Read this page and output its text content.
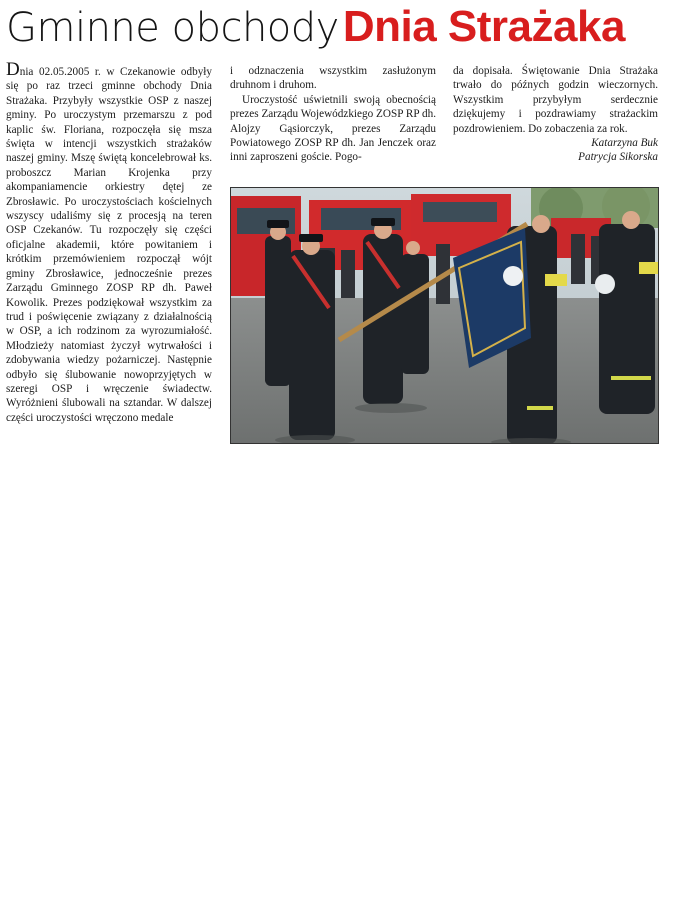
Gminne obchodyDnia Strażaka

Dnia 02.05.2005 r. w Czekanowie odbyły się po raz trzeci gminne obchody Dnia Strażaka. Przybyły wszystkie OSP z naszej gminy. Po uroczystym przemarszu z pod kaplic św. Floriana, rozpoczęła się msza święta w intencji wszystkich strażaków naszej gminy. Mszę świętą koncelebrował ks. proboszcz Marian Krojenka przy akompaniamencie orkiestry dętej ze Zbrosławic. Po uroczystościach kościelnych wszyscy udaliśmy się z procesją na teren OSP Czekanów. Tu rozpoczęły się części oficjalne akademii, które powitaniem i krótkim przemówieniem rozpoczął wójt gminy Zbrosławice, jednocześnie prezes Zarządu Gminnego ZOSP RP dh. Paweł Kowolik. Prezes podziękował wszystkim za trud i poświęcenie związany z działalnością w OSP, a ich rodzinom za wyrozumiałość. Młodzieży natomiast życzył wytrwałości i zdobywania wiedzy pożarniczej. Następnie odbyło się ślubowanie nowoprzyjętych w szeregi OSP i wręczenie świadectw. Wyróżnieni ślubowali na sztandar. W dalszej części uroczystości wręczono medale

i odznaczenia wszystkim zasłużonym druhnom i druhom.

Uroczystość uświetnili swoją obecnością prezes Zarządu Wojewódzkiego ZOSP RP dh. Alojzy Gąsiorczyk, prezes Zarządu Powiatowego ZOSP RP dh. Jan Jenczek oraz inni zaproszeni goście. Pogo-

da dopisała. Świętowanie Dnia Strażaka trwało do późnych godzin wieczornych. Wszystkim przybyłym serdecznie dziękujemy i pozdrawiamy strażackim pozdrowieniem. Do zobaczenia za rok.

Katarzyna Buk

Patrycja Sikorska
